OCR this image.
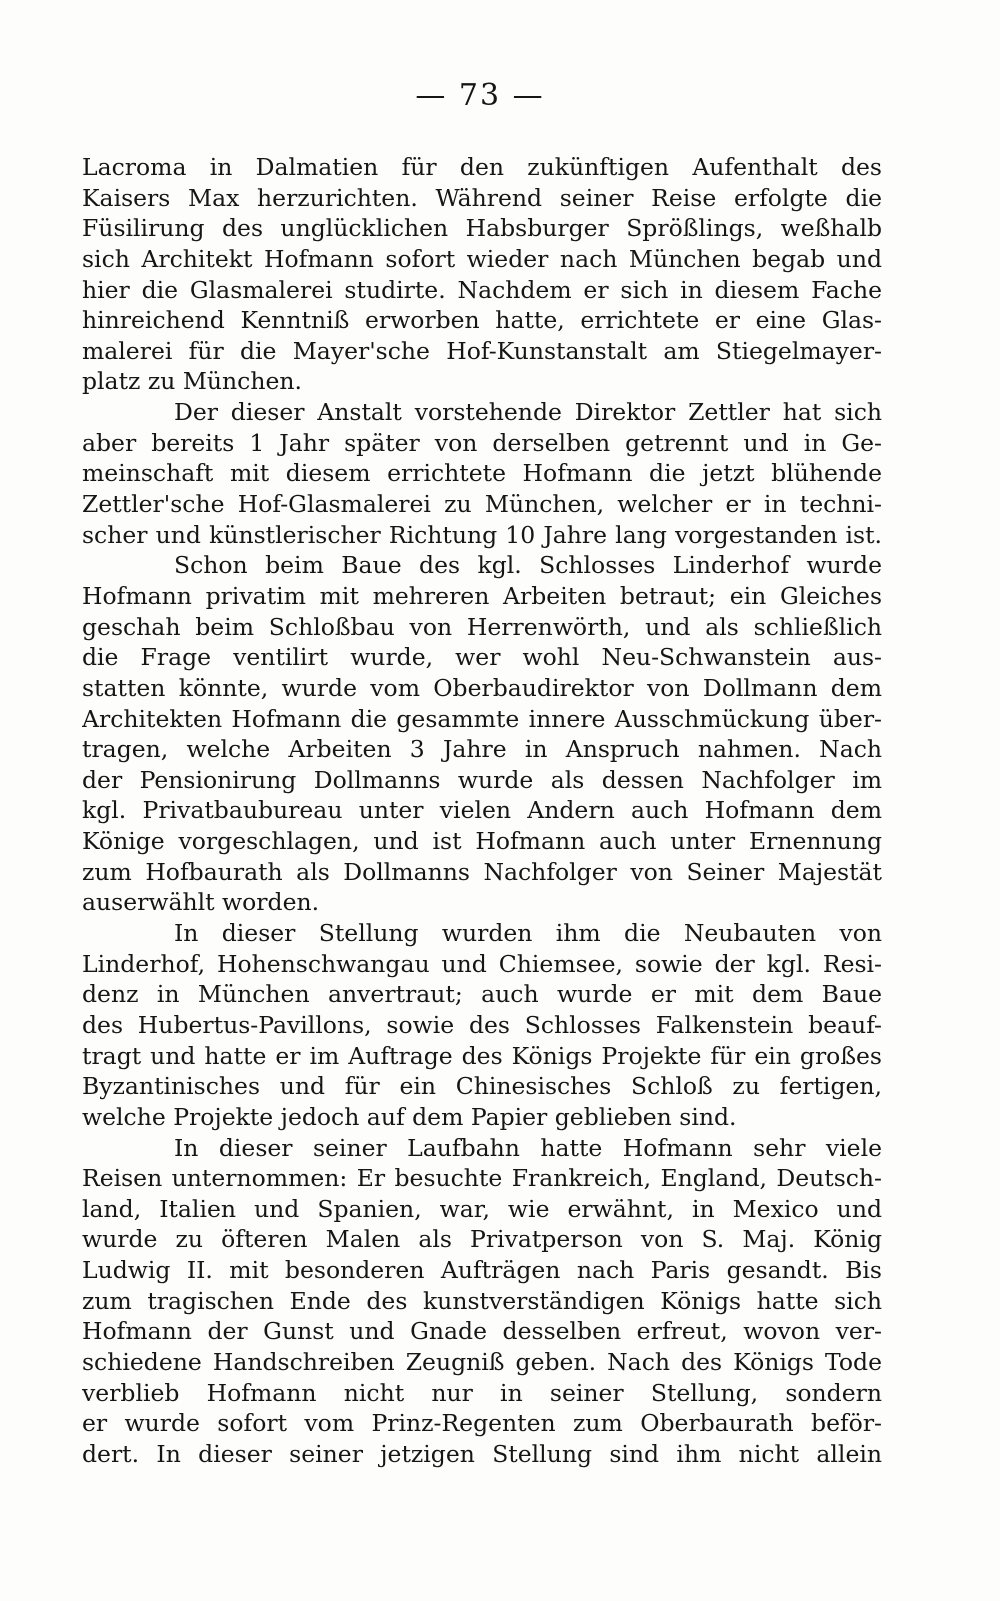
— 73 —
Lacroma in Dalmatien für den zukünftigen Aufenthalt des
Kaisers Max herzurichten. Während seiner Reise erfolgte die
Füsilirung des unglücklichen Habsburger Sprößlings, weßhalb
sich Architekt Hofmann sofort wieder nach München begab und
hier die Glasmalerei studirte. Nachdem er sich in diesem Fache
hinreichend Kenntniß erworben hatte, errichtete er eine Glas-
malerei für die Mayer'sche Hof-Kunstanstalt am Stiegelmayer-
platz zu München.
Der dieser Anstalt vorstehende Direktor Zettler hat sich
aber bereits 1 Jahr später von derselben getrennt und in Ge-
meinschaft mit diesem errichtete Hofmann die jetzt blühende
Zettler'sche Hof-Glasmalerei zu München, welcher er in techni-
scher und künstlerischer Richtung 10 Jahre lang vorgestanden ist.
Schon beim Baue des kgl. Schlosses Linderhof wurde
Hofmann privatim mit mehreren Arbeiten betraut; ein Gleiches
geschah beim Schloßbau von Herrenwörth, und als schließlich
die Frage ventilirt wurde, wer wohl Neu-Schwanstein aus-
statten könnte, wurde vom Oberbaudirektor von Dollmann dem
Architekten Hofmann die gesammte innere Ausschmückung über-
tragen, welche Arbeiten 3 Jahre in Anspruch nahmen. Nach
der Pensionirung Dollmanns wurde als dessen Nachfolger im
kgl. Privatbaubureau unter vielen Andern auch Hofmann dem
Könige vorgeschlagen, und ist Hofmann auch unter Ernennung
zum Hofbaurath als Dollmanns Nachfolger von Seiner Majestät
auserwählt worden.
In dieser Stellung wurden ihm die Neubauten von
Linderhof, Hohenschwangau und Chiemsee, sowie der kgl. Resi-
denz in München anvertraut; auch wurde er mit dem Baue
des Hubertus-Pavillons, sowie des Schlosses Falkenstein beauf-
tragt und hatte er im Auftrage des Königs Projekte für ein großes
Byzantinisches und für ein Chinesisches Schloß zu fertigen,
welche Projekte jedoch auf dem Papier geblieben sind.
In dieser seiner Laufbahn hatte Hofmann sehr viele
Reisen unternommen: Er besuchte Frankreich, England, Deutsch-
land, Italien und Spanien, war, wie erwähnt, in Mexico und
wurde zu öfteren Malen als Privatperson von S. Maj. König
Ludwig II. mit besonderen Aufträgen nach Paris gesandt. Bis
zum tragischen Ende des kunstverständigen Königs hatte sich
Hofmann der Gunst und Gnade desselben erfreut, wovon ver-
schiedene Handschreiben Zeugniß geben. Nach des Königs Tode
verblieb Hofmann nicht nur in seiner Stellung, sondern
er wurde sofort vom Prinz-Regenten zum Oberbaurath beför-
dert. In dieser seiner jetzigen Stellung sind ihm nicht allein
